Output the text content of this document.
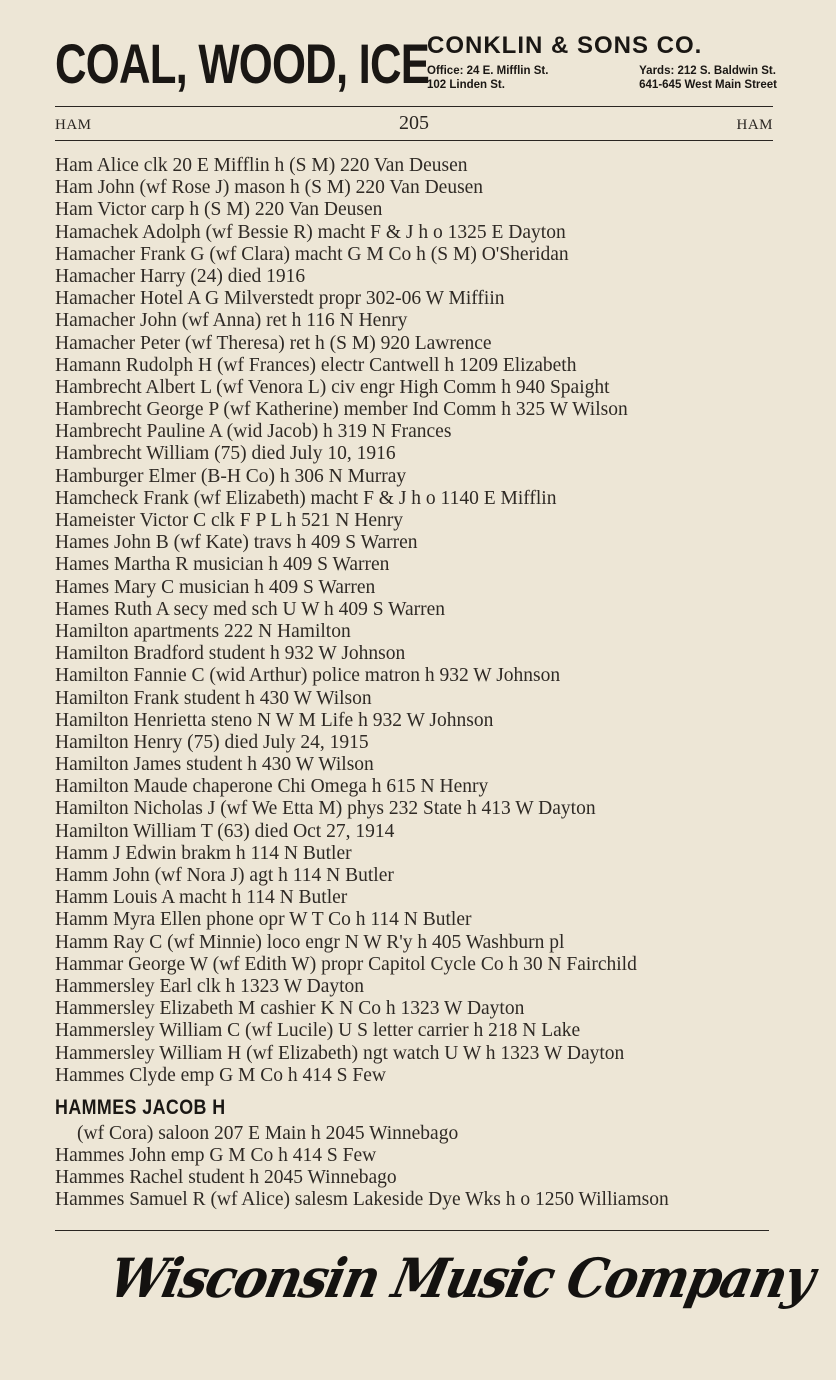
COAL, WOOD, ICE
CONKLIN & SONS CO.
Office: 24 E. Mifflin St.
102 Linden St.
Yards: 212 S. Baldwin St.
641-645 West Main Street
HAM	205	HAM
Ham Alice clk 20 E Mifflin h (S M) 220 Van Deusen
Ham John (wf Rose J) mason h (S M) 220 Van Deusen
Ham Victor carp h (S M) 220 Van Deusen
Hamachek Adolph (wf Bessie R) macht F & J h o 1325 E Dayton
Hamacher Frank G (wf Clara) macht G M Co h (S M) O'Sheridan
Hamacher Harry (24) died 1916
Hamacher Hotel A G Milverstedt propr 302-06 W Miffiin
Hamacher John (wf Anna) ret h 116 N Henry
Hamacher Peter (wf Theresa) ret h (S M) 920 Lawrence
Hamann Rudolph H (wf Frances) electr Cantwell h 1209 Elizabeth
Hambrecht Albert L (wf Venora L) civ engr High Comm h 940 Spaight
Hambrecht George P (wf Katherine) member Ind Comm h 325 W Wilson
Hambrecht Pauline A (wid Jacob) h 319 N Frances
Hambrecht William (75) died July 10, 1916
Hamburger Elmer (B-H Co) h 306 N Murray
Hamcheck Frank (wf Elizabeth) macht F & J h o 1140 E Mifflin
Hameister Victor C clk F P L h 521 N Henry
Hames John B (wf Kate) travs h 409 S Warren
Hames Martha R musician h 409 S Warren
Hames Mary C musician h 409 S Warren
Hames Ruth A secy med sch U W h 409 S Warren
Hamilton apartments 222 N Hamilton
Hamilton Bradford student h 932 W Johnson
Hamilton Fannie C (wid Arthur) police matron h 932 W Johnson
Hamilton Frank student h 430 W Wilson
Hamilton Henrietta steno N W M Life h 932 W Johnson
Hamilton Henry (75) died July 24, 1915
Hamilton James student h 430 W Wilson
Hamilton Maude chaperone Chi Omega h 615 N Henry
Hamilton Nicholas J (wf We Etta M) phys 232 State h 413 W Dayton
Hamilton William T (63) died Oct 27, 1914
Hamm J Edwin brakm h 114 N Butler
Hamm John (wf Nora J) agt h 114 N Butler
Hamm Louis A macht h 114 N Butler
Hamm Myra Ellen phone opr W T Co h 114 N Butler
Hamm Ray C (wf Minnie) loco engr N W R'y h 405 Washburn pl
Hammar George W (wf Edith W) propr Capitol Cycle Co h 30 N Fairchild
Hammersley Earl clk h 1323 W Dayton
Hammersley Elizabeth M cashier K N Co h 1323 W Dayton
Hammersley William C (wf Lucile) U S letter carrier h 218 N Lake
Hammersley William H (wf Elizabeth) ngt watch U W h 1323 W Dayton
Hammes Clyde emp G M Co h 414 S Few
HAMMES JACOB H
(wf Cora) saloon 207 E Main h 2045 Winnebago
Hammes John emp G M Co h 414 S Few
Hammes Rachel student h 2045 Winnebago
Hammes Samuel R (wf Alice) salesm Lakeside Dye Wks h o 1250 Williamson
Wisconsin Music Company
